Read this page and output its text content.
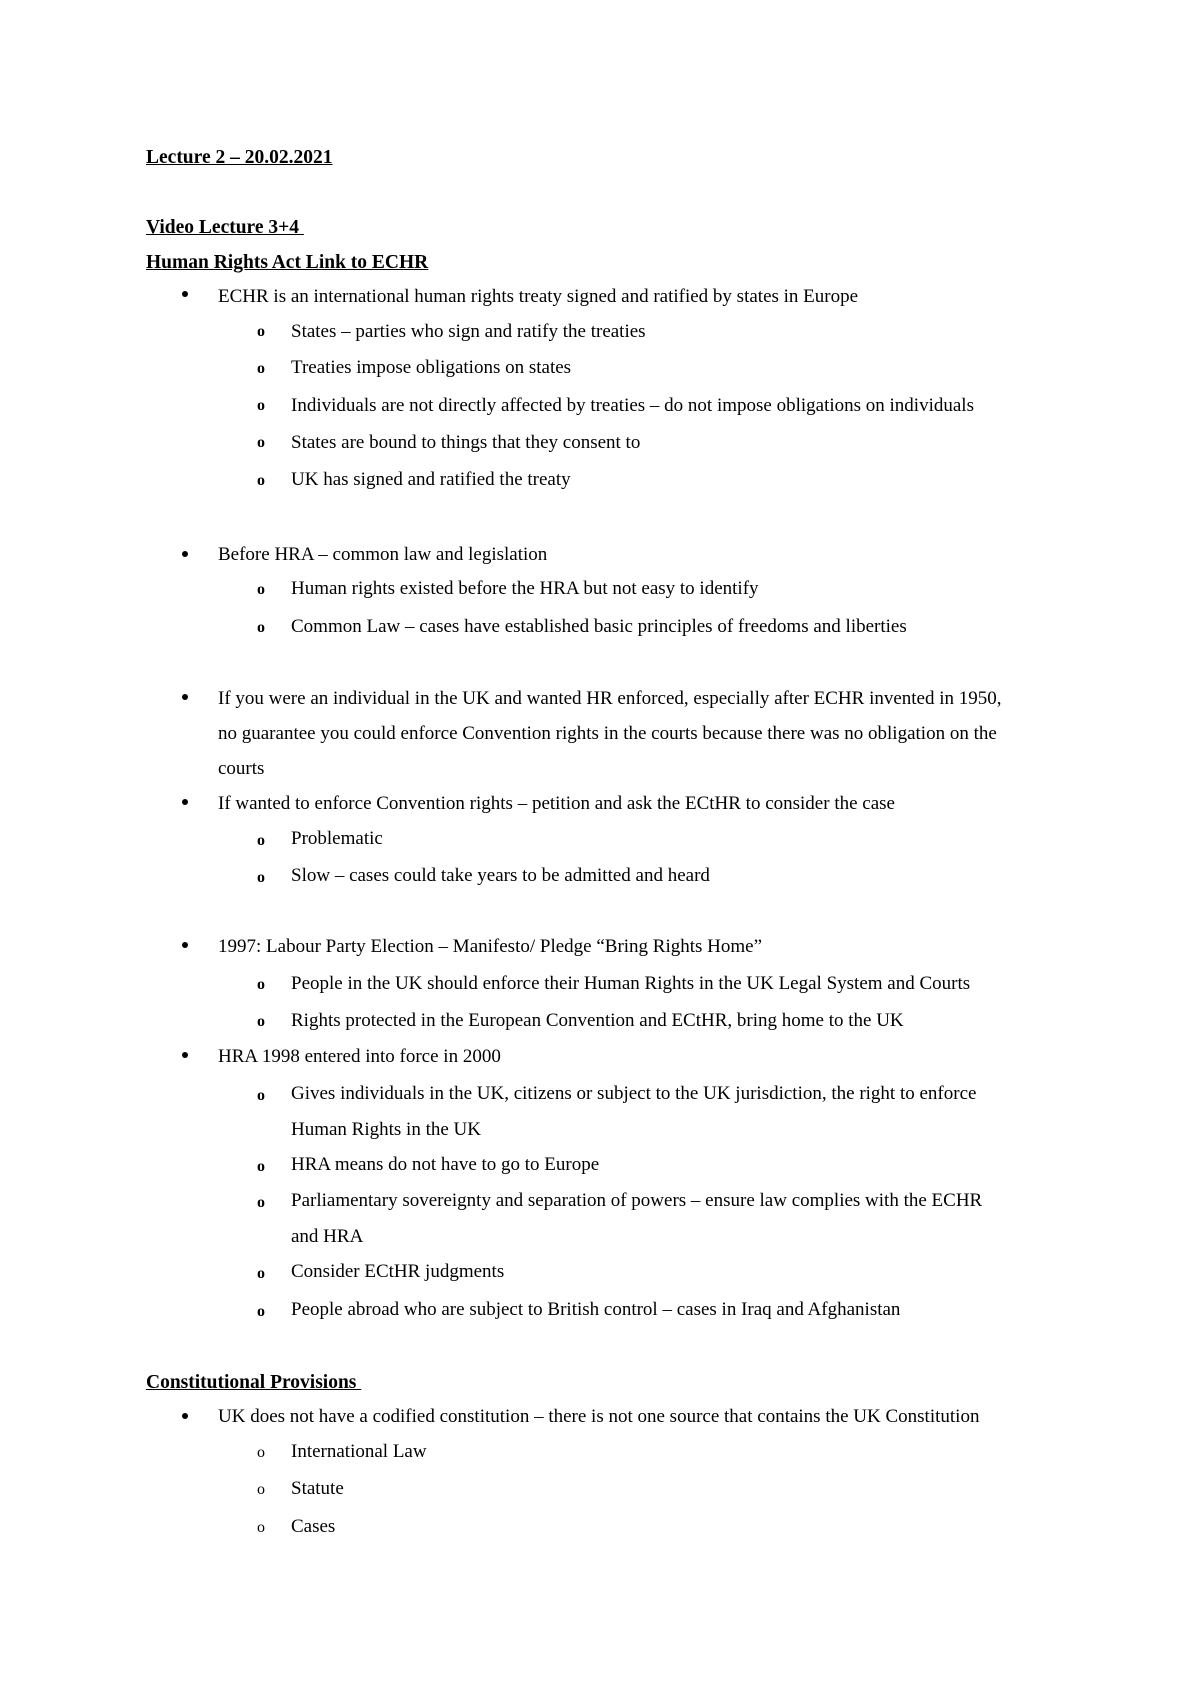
Lecture 2 – 20.02.2021
Video Lecture 3+4
Human Rights Act Link to ECHR
ECHR is an international human rights treaty signed and ratified by states in Europe
o States – parties who sign and ratify the treaties
o Treaties impose obligations on states
o Individuals are not directly affected by treaties – do not impose obligations on individuals
o States are bound to things that they consent to
o UK has signed and ratified the treaty
Before HRA – common law and legislation
o Human rights existed before the HRA but not easy to identify
o Common Law – cases have established basic principles of freedoms and liberties
If you were an individual in the UK and wanted HR enforced, especially after ECHR invented in 1950,
no guarantee you could enforce Convention rights in the courts because there was no obligation on the
courts
If wanted to enforce Convention rights – petition and ask the ECtHR to consider the case
o Problematic
o Slow – cases could take years to be admitted and heard
1997: Labour Party Election – Manifesto/ Pledge “Bring Rights Home”
o People in the UK should enforce their Human Rights in the UK Legal System and Courts
o Rights protected in the European Convention and ECtHR, bring home to the UK
HRA 1998 entered into force in 2000
o Gives individuals in the UK, citizens or subject to the UK jurisdiction, the right to enforce
Human Rights in the UK
o HRA means do not have to go to Europe
o Parliamentary sovereignty and separation of powers – ensure law complies with the ECHR
and HRA
o Consider ECtHR judgments
o People abroad who are subject to British control – cases in Iraq and Afghanistan
Constitutional Provisions
UK does not have a codified constitution – there is not one source that contains the UK Constitution
o International Law
o Statute
o Cases
